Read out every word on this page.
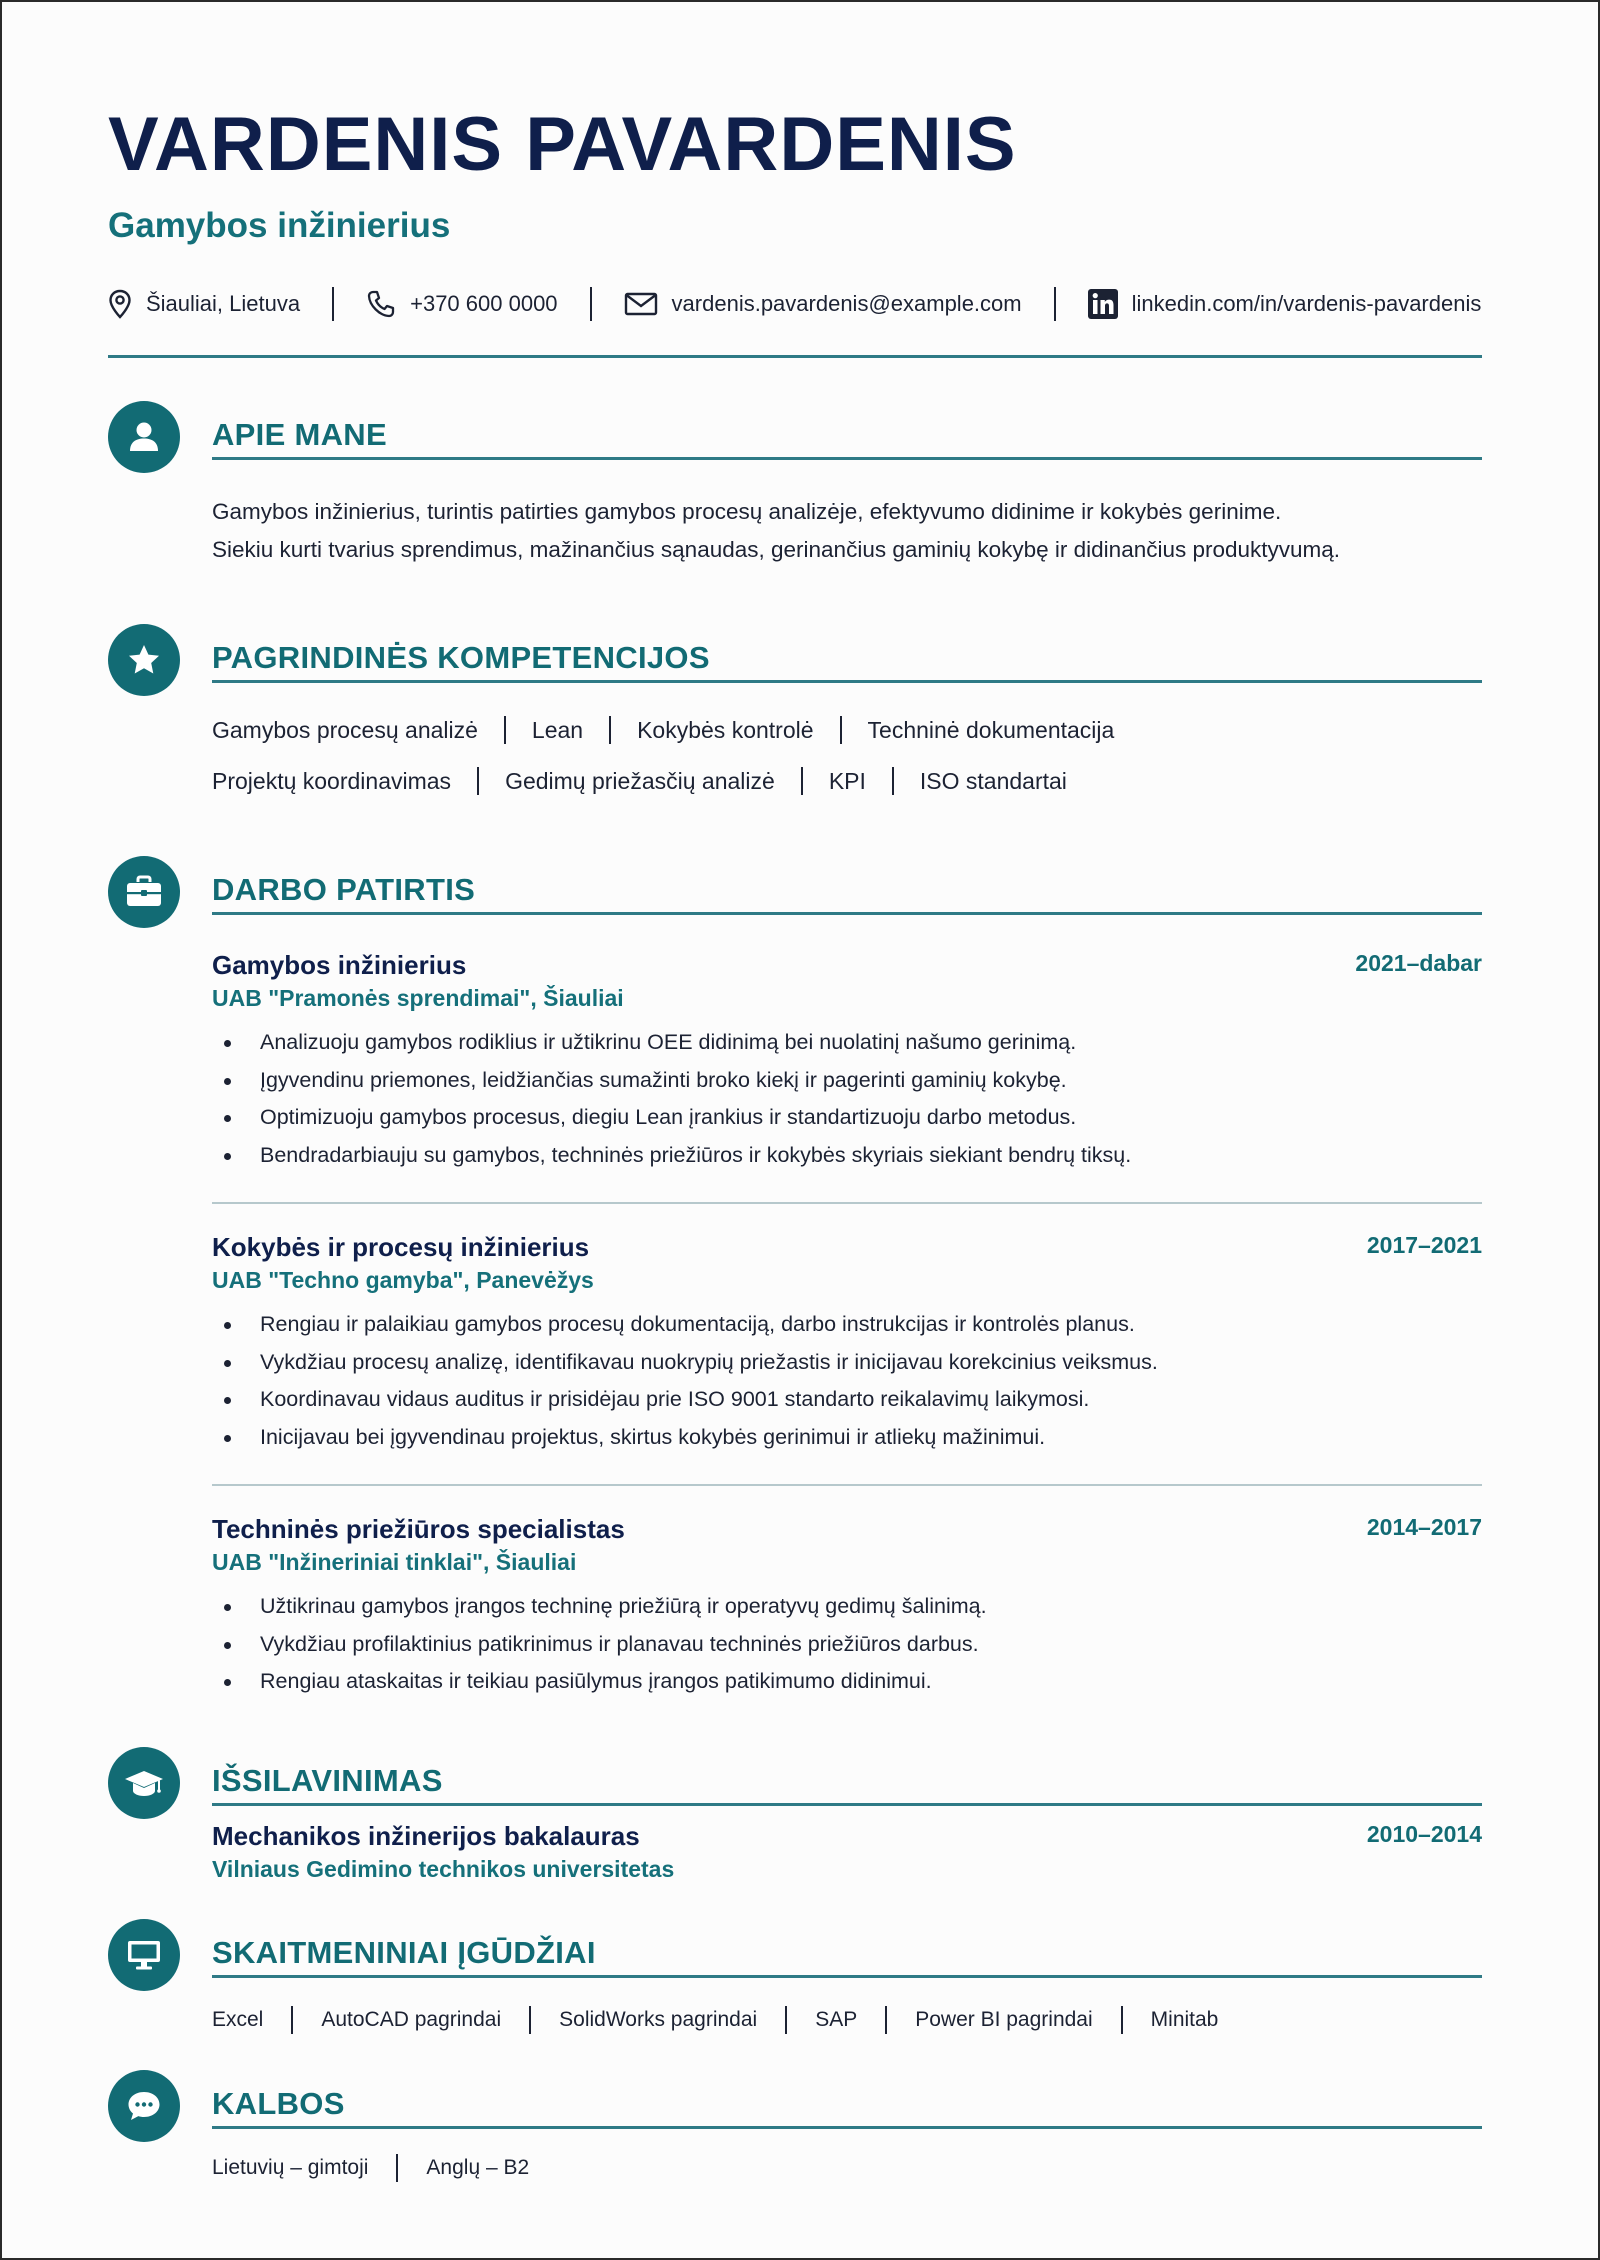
VARDENIS PAVARDENIS
Gamybos inžinierius
Šiauliai, Lietuva	+370 600 0000	vardenis.pavardenis@example.com	linkedin.com/in/vardenis-pavardenis
APIE MANE
Gamybos inžinierius, turintis patirties gamybos procesų analizėje, efektyvumo didinime ir kokybės gerinime.
Siekiu kurti tvarius sprendimus, mažinančius sąnaudas, gerinančius gaminių kokybę ir didinančius produktyvumą.
PAGRINDINĖS KOMPETENCIJOS
Gamybos procesų analizė Lean Kokybės kontrolė Techninė dokumentacija
Projektų koordinavimas Gedimų priežasčių analizė KPI ISO standartai
DARBO PATIRTIS
Gamybos inžinierius
UAB "Pramonės sprendimai", Šiauliai
2021–dabar
Analizuoju gamybos rodiklius ir užtikrinu OEE didinimą bei nuolatinį našumo gerinimą.
Įgyvendinu priemones, leidžiančias sumažinti broko kiekį ir pagerinti gaminių kokybę.
Optimizuoju gamybos procesus, diegiu Lean įrankius ir standartizuoju darbo metodus.
Bendradarbiauju su gamybos, techninės priežiūros ir kokybės skyriais siekiant bendrų tiksų.
Kokybės ir procesų inžinierius
UAB "Techno gamyba", Panevėžys
2017–2021
Rengiau ir palaikiau gamybos procesų dokumentaciją, darbo instrukcijas ir kontrolės planus.
Vykdžiau procesų analizę, identifikavau nuokrypių priežastis ir inicijavau korekcinius veiksmus.
Koordinavau vidaus auditus ir prisidėjau prie ISO 9001 standarto reikalavimų laikymosi.
Inicijavau bei įgyvendinau projektus, skirtus kokybės gerinimui ir atliekų mažinimui.
Techninės priežiūros specialistas
UAB "Inžineriniai tinklai", Šiauliai
2014–2017
Užtikrinau gamybos įrangos techninę priežiūrą ir operatyvų gedimų šalinimą.
Vykdžiau profilaktinius patikrinimus ir planavau techninės priežiūros darbus.
Rengiau ataskaitas ir teikiau pasiūlymus įrangos patikimumo didinimui.
IŠSILAVINIMAS
Mechanikos inžinerijos bakalauras
Vilniaus Gedimino technikos universitetas
2010–2014
SKAITMENINIAI ĮGŪDŽIAI
Excel	AutoCAD pagrindai	SolidWorks pagrindai	SAP	Power BI pagrindai	Minitab
KALBOS
Lietuvių – gimtoji	Anglų – B2
